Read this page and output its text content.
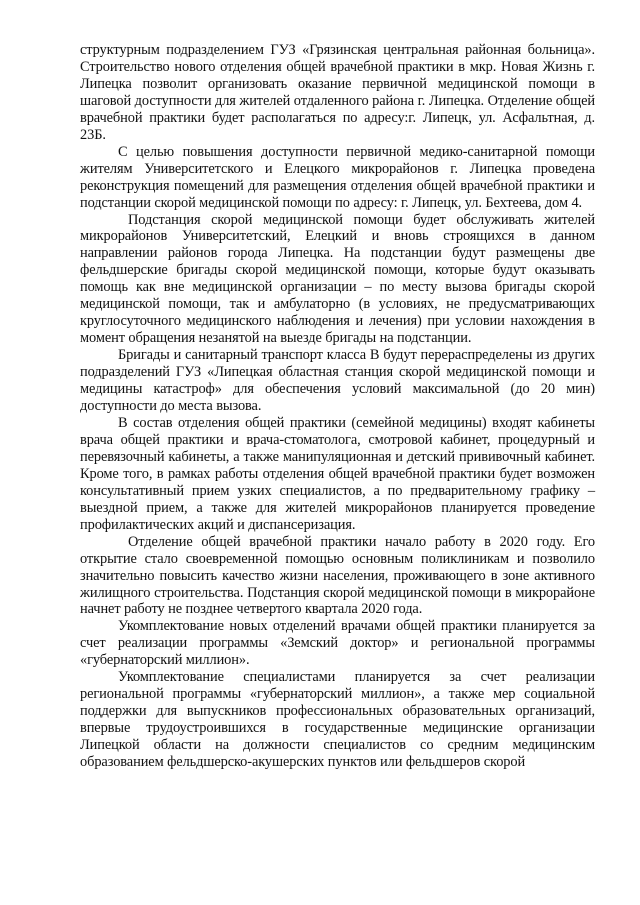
структурным подразделением ГУЗ «Грязинская центральная районная больница». Строительство нового отделения общей врачебной практики в мкр. Новая Жизнь г. Липецка позволит организовать оказание первичной медицинской помощи в шаговой доступности для жителей отдаленного района г. Липецка. Отделение общей врачебной практики будет располагаться по адресу:г. Липецк, ул. Асфальтная, д. 23Б.

С целью повышения доступности первичной медико-санитарной помощи жителям Университетского и Елецкого микрорайонов г. Липецка проведена реконструкция помещений для размещения отделения общей врачебной практики и подстанции скорой медицинской помощи по адресу: г. Липецк, ул. Бехтеева, дом 4.

Подстанция скорой медицинской помощи будет обслуживать жителей микрорайонов Университетский, Елецкий и вновь строящихся в данном направлении районов города Липецка. На подстанции будут размещены две фельдшерские бригады скорой медицинской помощи, которые будут оказывать помощь как вне медицинской организации – по месту вызова бригады скорой медицинской помощи, так и амбулаторно (в условиях, не предусматривающих круглосуточного медицинского наблюдения и лечения) при условии нахождения в момент обращения незанятой на выезде бригады на подстанции.

Бригады и санитарный транспорт класса В будут перераспределены из других подразделений ГУЗ «Липецкая областная станция скорой медицинской помощи и медицины катастроф» для обеспечения условий максимальной (до 20 мин) доступности до места вызова.

В состав отделения общей практики (семейной медицины) входят кабинеты врача общей практики и врача-стоматолога, смотровой кабинет, процедурный и перевязочный кабинеты, а также манипуляционная и детский прививочный кабинет. Кроме того, в рамках работы отделения общей врачебной практики будет возможен консультативный прием узких специалистов, а по предварительному графику – выездной прием, а также для жителей микрорайонов планируется проведение профилактических акций и диспансеризация.

Отделение общей врачебной практики начало работу в 2020 году. Его открытие стало своевременной помощью основным поликлиникам и позволило значительно повысить качество жизни населения, проживающего в зоне активного жилищного строительства. Подстанция скорой медицинской помощи в микрорайоне начнет работу не позднее четвертого квартала 2020 года.

Укомплектование новых отделений врачами общей практики планируется за счет реализации программы «Земский доктор» и региональной программы «губернаторский миллион».

Укомплектование специалистами планируется за счет реализации региональной программы «губернаторский миллион», а также мер социальной поддержки для выпускников профессиональных образовательных организаций, впервые трудоустроившихся в государственные медицинские организации Липецкой области на должности специалистов со средним медицинским образованием фельдшерско-акушерских пунктов или фельдшеров скорой
